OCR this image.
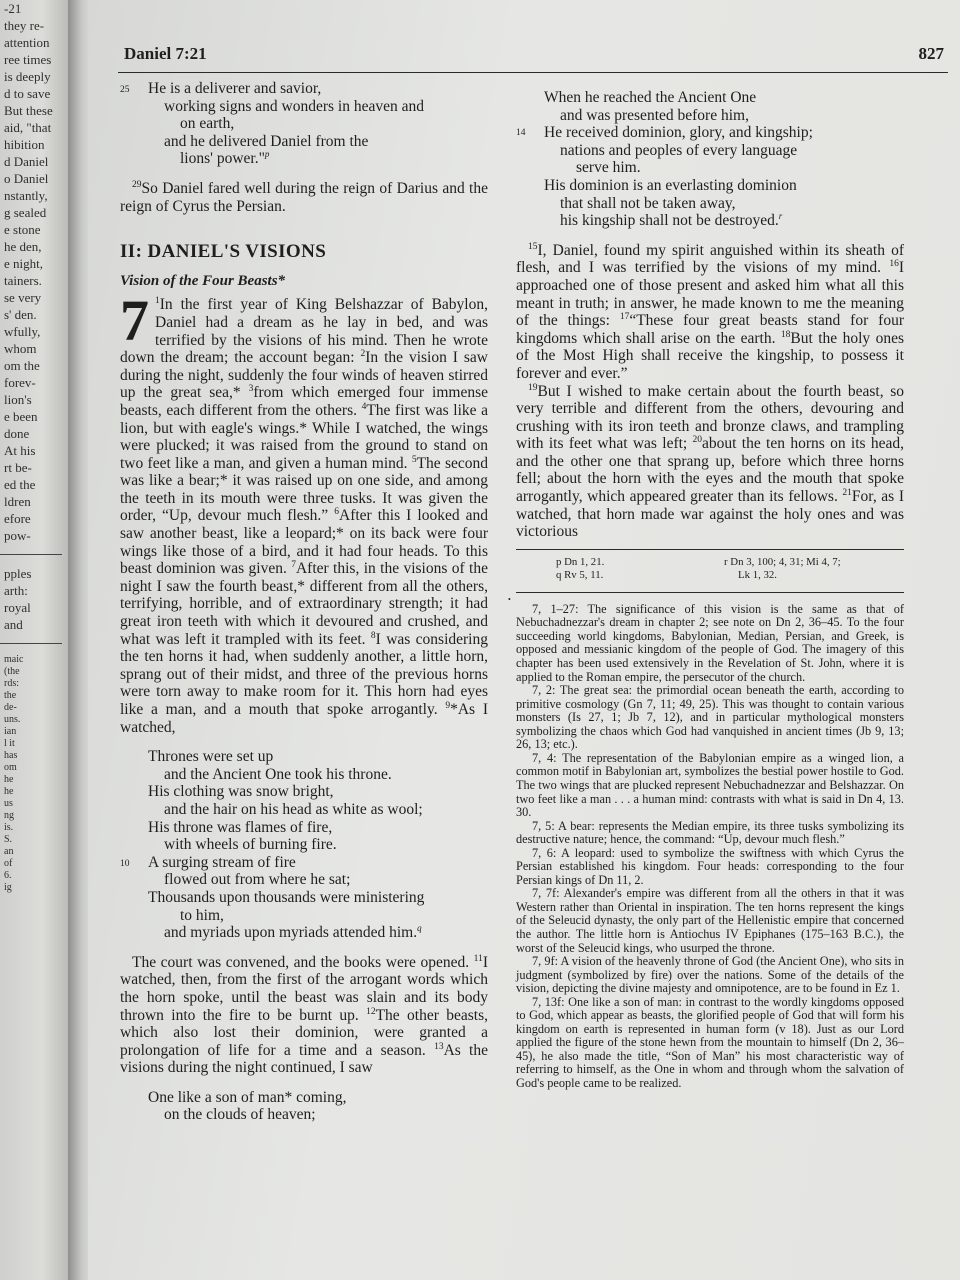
-21
they re-
attention
ree times
is deeply
d to save
But these
aid, "that
hibition
d Daniel
o Daniel
nstantly,
g sealed
e stone
he den,
e night,
tainers.
se very
s' den.
wfully,
whom
om the
forev-
lion's
e been
done
At his
rt be-
ed the
ldren
efore
pow-
pples
arth:
royal
and
maic
(the
rds:
the
de-
uns.
ian
l it
has
om
he
he
us
ng
is.
S.
an
of
6.
ig
Daniel 7:21	827
25	He is a deliverer and savior,
working signs and wonders in heaven and
on earth,
and he delivered Daniel from the
lions' power."$^p$

$^{29}$So Daniel fared well during the reign of Darius and the reign of Cyrus the Persian.

II: DANIEL'S VISIONS
Vision of the Four Beasts*

7 $^1$In the first year of King Belshazzar of Babylon, Daniel had a dream as he lay in bed, and was terrified by the visions of his mind. Then he wrote down the dream; the account began: $^2$In the vision I saw during the night, suddenly the four winds of heaven stirred up the great sea,* $^3$from which emerged four immense beasts, each different from the others. $^4$The first was like a lion, but with eagle's wings.* While I watched, the wings were plucked; it was raised from the ground to stand on two feet like a man, and given a human mind. $^5$The second was like a bear;* it was raised up on one side, and among the teeth in its mouth were three tusks. It was given the order, “Up, devour much flesh.” $^6$After this I looked and saw another beast, like a leopard;* on its back were four wings like those of a bird, and it had four heads. To this beast dominion was given. $^7$After this, in the visions of the night I saw the fourth beast,* different from all the others, terrifying, horrible, and of extraordinary strength; it had great iron teeth with which it devoured and crushed, and what was left it trampled with its feet. $^8$I was considering the ten horns it had, when suddenly another, a little horn, sprang out of their midst, and three of the previous horns were torn away to make room for it. This horn had eyes like a man, and a mouth that spoke arrogantly. $^9$*As I watched,

Thrones were set up
and the Ancient One took his throne.
His clothing was snow bright,
and the hair on his head as white as wool;
His throne was flames of fire,
with wheels of burning fire.
10	A surging stream of fire
flowed out from where he sat;
Thousands upon thousands were ministering
to him,
and myriads upon myriads attended him.$^q$

The court was convened, and the books were opened. $^{11}$I watched, then, from the first of the arrogant words which the horn spoke, until the beast was slain and its body thrown into the fire to be burnt up. $^{12}$The other beasts, which also lost their dominion, were granted a prolongation of life for a time and a season. $^{13}$As the visions during the night continued, I saw

One like a son of man* coming,
on the clouds of heaven;
When he reached the Ancient One
and was presented before him,
14	He received dominion, glory, and kingship;
nations and peoples of every language
serve him.
His dominion is an everlasting dominion
that shall not be taken away,
his kingship shall not be destroyed.$^r$

$^{15}$I, Daniel, found my spirit anguished within its sheath of flesh, and I was terrified by the visions of my mind. $^{16}$I approached one of those present and asked him what all this meant in truth; in answer, he made known to me the meaning of the things: $^{17}$“These four great beasts stand for four kingdoms which shall arise on the earth. $^{18}$But the holy ones of the Most High shall receive the kingship, to possess it forever and ever.”

$^{19}$But I wished to make certain about the fourth beast, so very terrible and different from the others, devouring and crushing with its iron teeth and bronze claws, and trampling with its feet what was left; $^{20}$about the ten horns on its head, and the other one that sprang up, before which three horns fell; about the horn with the eyes and the mouth that spoke arrogantly, which appeared greater than its fellows. $^{21}$For, as I watched, that horn made war against the holy ones and was victorious

p Dn 1, 21.
q Rv 5, 11.
r Dn 3, 100; 4, 31; Mi 4, 7;
Lk 1, 32.
•

7, 1–27: The significance of this vision is the same as that of Nebuchadnezzar's dream in chapter 2; see note on Dn 2, 36–45. To the four succeeding world kingdoms, Babylonian, Median, Persian, and Greek, is opposed and messianic kingdom of the people of God. The imagery of this chapter has been used extensively in the Revelation of St. John, where it is applied to the Roman empire, the persecutor of the church.

7, 2: The great sea: the primordial ocean beneath the earth, according to primitive cosmology (Gn 7, 11; 49, 25). This was thought to contain various monsters (Is 27, 1; Jb 7, 12), and in particular mythological monsters symbolizing the chaos which God had vanquished in ancient times (Jb 9, 13; 26, 13; etc.).

7, 4: The representation of the Babylonian empire as a winged lion, a common motif in Babylonian art, symbolizes the bestial power hostile to God. The two wings that are plucked represent Nebuchadnezzar and Belshazzar. On two feet like a man . . . a human mind: contrasts with what is said in Dn 4, 13. 30.

7, 5: A bear: represents the Median empire, its three tusks symbolizing its destructive nature; hence, the command: “Up, devour much flesh.”

7, 6: A leopard: used to symbolize the swiftness with which Cyrus the Persian established his kingdom. Four heads: corresponding to the four Persian kings of Dn 11, 2.

7, 7f: Alexander's empire was different from all the others in that it was Western rather than Oriental in inspiration. The ten horns represent the kings of the Seleucid dynasty, the only part of the Hellenistic empire that concerned the author. The little horn is Antiochus IV Epiphanes (175–163 B.C.), the worst of the Seleucid kings, who usurped the throne.

7, 9f: A vision of the heavenly throne of God (the Ancient One), who sits in judgment (symbolized by fire) over the nations. Some of the details of the vision, depicting the divine majesty and omnipotence, are to be found in Ez 1.

7, 13f: One like a son of man: in contrast to the wordly kingdoms opposed to God, which appear as beasts, the glorified people of God that will form his kingdom on earth is represented in human form (v 18). Just as our Lord applied the figure of the stone hewn from the mountain to himself (Dn 2, 36–45), he also made the title, “Son of Man” his most characteristic way of referring to himself, as the One in whom and through whom the salvation of God's people came to be realized.
